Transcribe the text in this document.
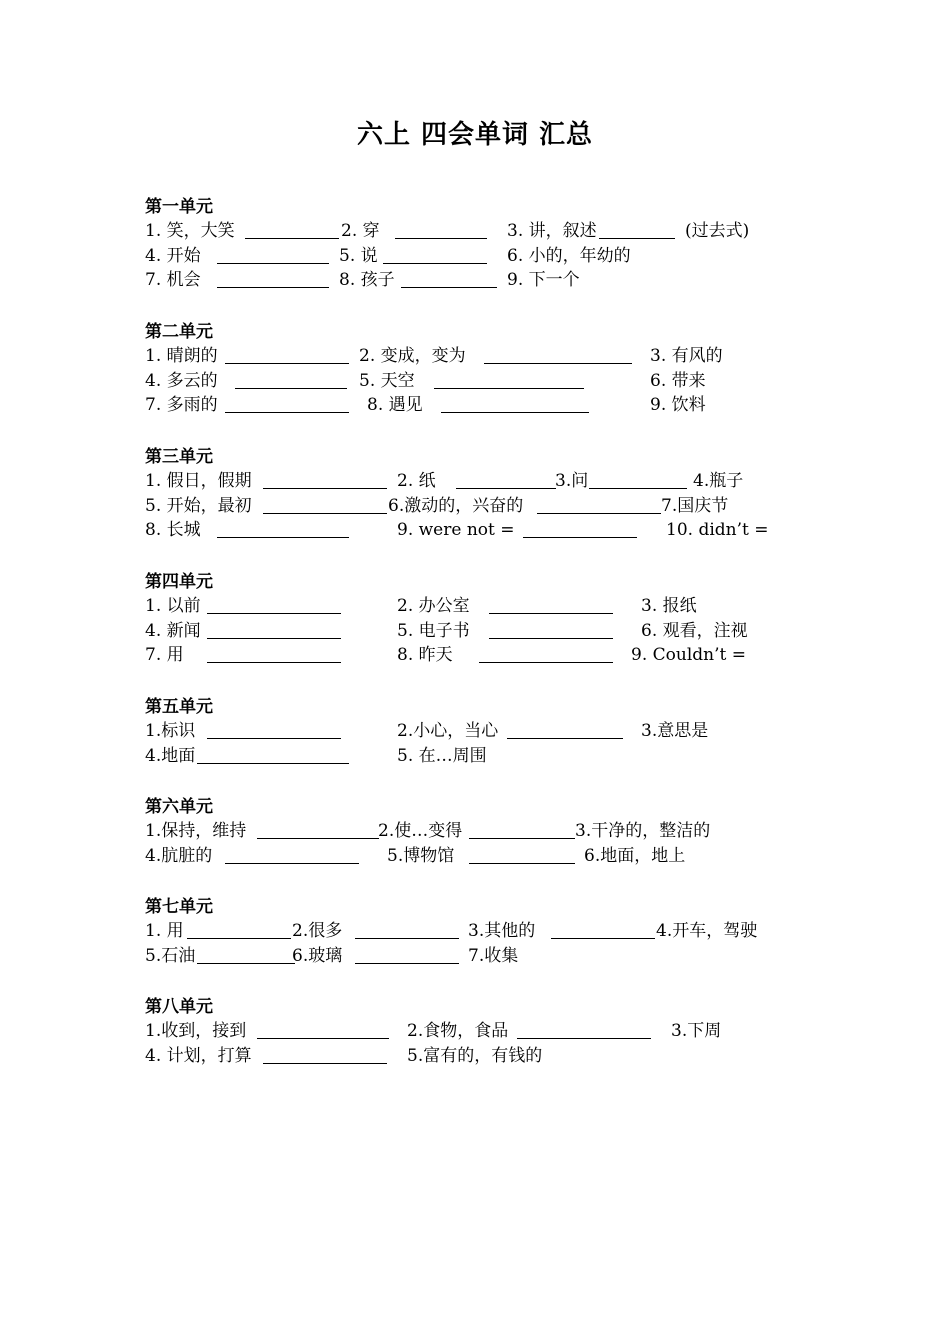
六上 四会单词 汇总
第一单元
1. 笑，大笑	2. 穿	3. 讲，叙述	(过去式)
4. 开始	5. 说	6. 小的，年幼的
7. 机会	8. 孩子	9. 下一个
第二单元
1. 晴朗的	2. 变成，变为	3. 有风的
4. 多云的	5. 天空	6. 带来
7. 多雨的	8. 遇见	9. 饮料
第三单元
1. 假日，假期	2. 纸	3.问	4.瓶子
5. 开始，最初	6.激动的，兴奋的	7.国庆节
8. 长城	9. were not =	10. didn’t =
第四单元
1. 以前	2. 办公室	3. 报纸
4. 新闻	5. 电子书	6. 观看，注视
7. 用	8. 昨天	9. Couldn’t =
第五单元
1.标识	2.小心，当心	3.意思是
4.地面	5. 在…周围
第六单元
1.保持，维持	2.使…变得	3.干净的，整洁的
4.肮脏的	5.博物馆	6.地面，地上
第七单元
1. 用	2.很多	3.其他的	4.开车，驾驶
5.石油	6.玻璃	7.收集
第八单元
1.收到，接到	2.食物，食品	3.下周
4. 计划，打算	5.富有的，有钱的
